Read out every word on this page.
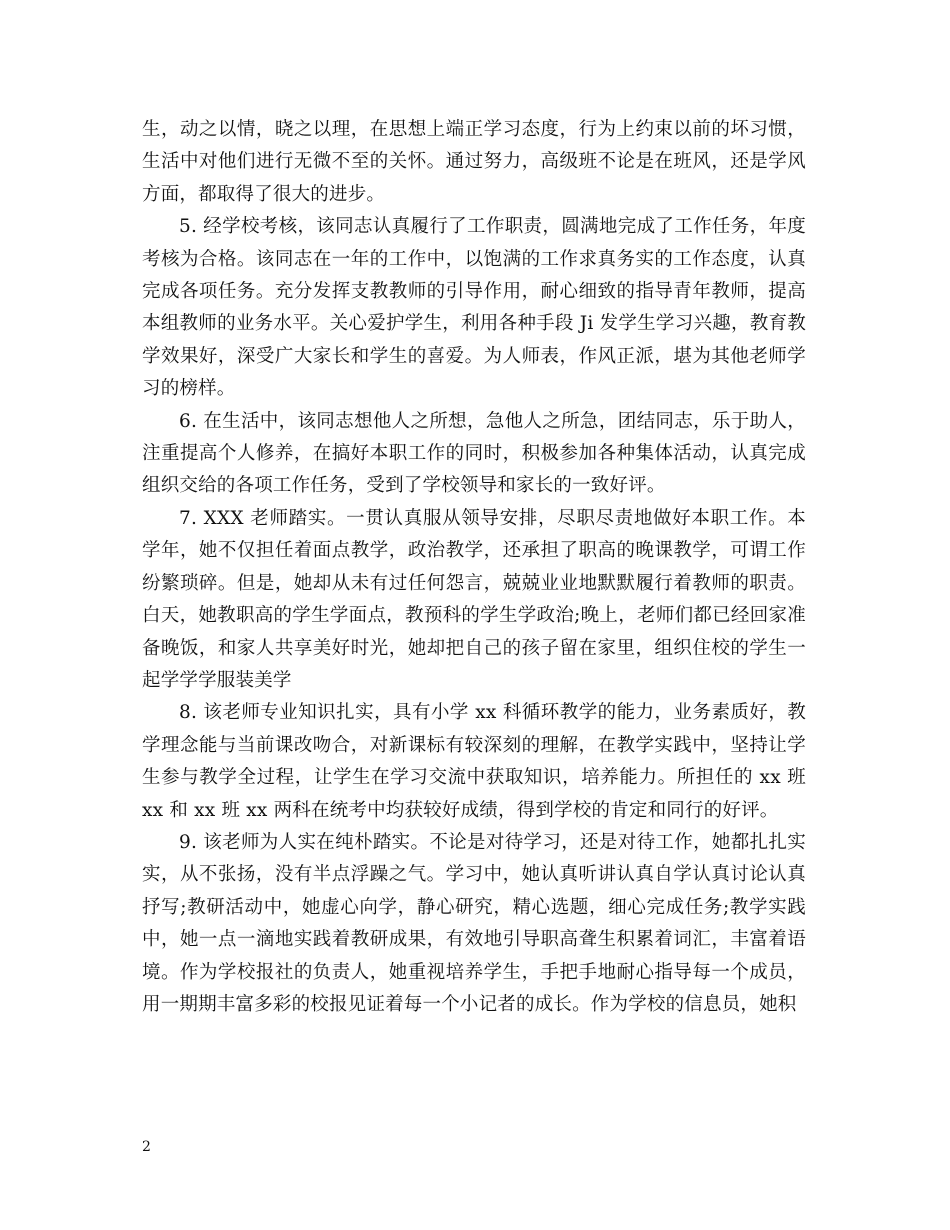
生，动之以情，晓之以理，在思想上端正学习态度，行为上约束以前的坏习惯，生活中对他们进行无微不至的关怀。通过努力，高级班不论是在班风，还是学风方面，都取得了很大的进步。

5. 经学校考核，该同志认真履行了工作职责，圆满地完成了工作任务，年度考核为合格。该同志在一年的工作中，以饱满的工作求真务实的工作态度，认真完成各项任务。充分发挥支教教师的引导作用，耐心细致的指导青年教师，提高本组教师的业务水平。关心爱护学生，利用各种手段 Ji 发学生学习兴趣，教育教学效果好，深受广大家长和学生的喜爱。为人师表，作风正派，堪为其他老师学习的榜样。

6. 在生活中，该同志想他人之所想，急他人之所急，团结同志，乐于助人，注重提高个人修养，在搞好本职工作的同时，积极参加各种集体活动，认真完成组织交给的各项工作任务，受到了学校领导和家长的一致好评。

7. XXX 老师踏实。一贯认真服从领导安排，尽职尽责地做好本职工作。本学年，她不仅担任着面点教学，政治教学，还承担了职高的晚课教学，可谓工作纷繁琐碎。但是，她却从未有过任何怨言，兢兢业业地默默履行着教师的职责。白天，她教职高的学生学面点，教预科的学生学政治;晚上，老师们都已经回家准备晚饭，和家人共享美好时光，她却把自己的孩子留在家里，组织住校的学生一起学学学服装美学

8. 该老师专业知识扎实，具有小学 xx 科循环教学的能力，业务素质好，教学理念能与当前课改吻合，对新课标有较深刻的理解，在教学实践中，坚持让学生参与教学全过程，让学生在学习交流中获取知识，培养能力。所担任的 xx 班 xx 和 xx 班 xx 两科在统考中均获较好成绩，得到学校的肯定和同行的好评。

9. 该老师为人实在纯朴踏实。不论是对待学习，还是对待工作，她都扎扎实实，从不张扬，没有半点浮躁之气。学习中，她认真听讲认真自学认真讨论认真抒写;教研活动中，她虚心向学，静心研究，精心选题，细心完成任务;教学实践中，她一点一滴地实践着教研成果，有效地引导职高聋生积累着词汇，丰富着语境。作为学校报社的负责人，她重视培养学生，手把手地耐心指导每一个成员，用一期期丰富多彩的校报见证着每一个小记者的成长。作为学校的信息员，她积

2
